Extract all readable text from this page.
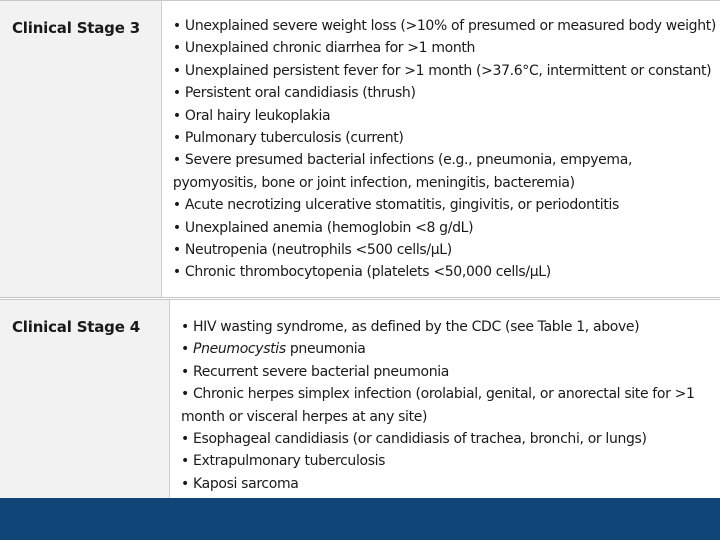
Clinical Stage 3	• Unexplained severe weight loss (>10% of presumed or measured body weight)
• Unexplained chronic diarrhea for >1 month
• Unexplained persistent fever for >1 month (>37.6°C, intermittent or constant)
• Persistent oral candidiasis (thrush)
• Oral hairy leukoplakia
• Pulmonary tuberculosis (current)
• Severe presumed bacterial infections (e.g., pneumonia, empyema, pyomyositis, bone or joint infection, meningitis, bacteremia)
• Acute necrotizing ulcerative stomatitis, gingivitis, or periodontitis
• Unexplained anemia (hemoglobin <8 g/dL)
• Neutropenia (neutrophils <500 cells/µL)
• Chronic thrombocytopenia (platelets <50,000 cells/µL)
Clinical Stage 4	• HIV wasting syndrome, as defined by the CDC (see Table 1, above)
• Pneumocystis pneumonia
• Recurrent severe bacterial pneumonia
• Chronic herpes simplex infection (orolabial, genital, or anorectal site for >1 month or visceral herpes at any site)
• Esophageal candidiasis (or candidiasis of trachea, bronchi, or lungs)
• Extrapulmonary tuberculosis
• Kaposi sarcoma
